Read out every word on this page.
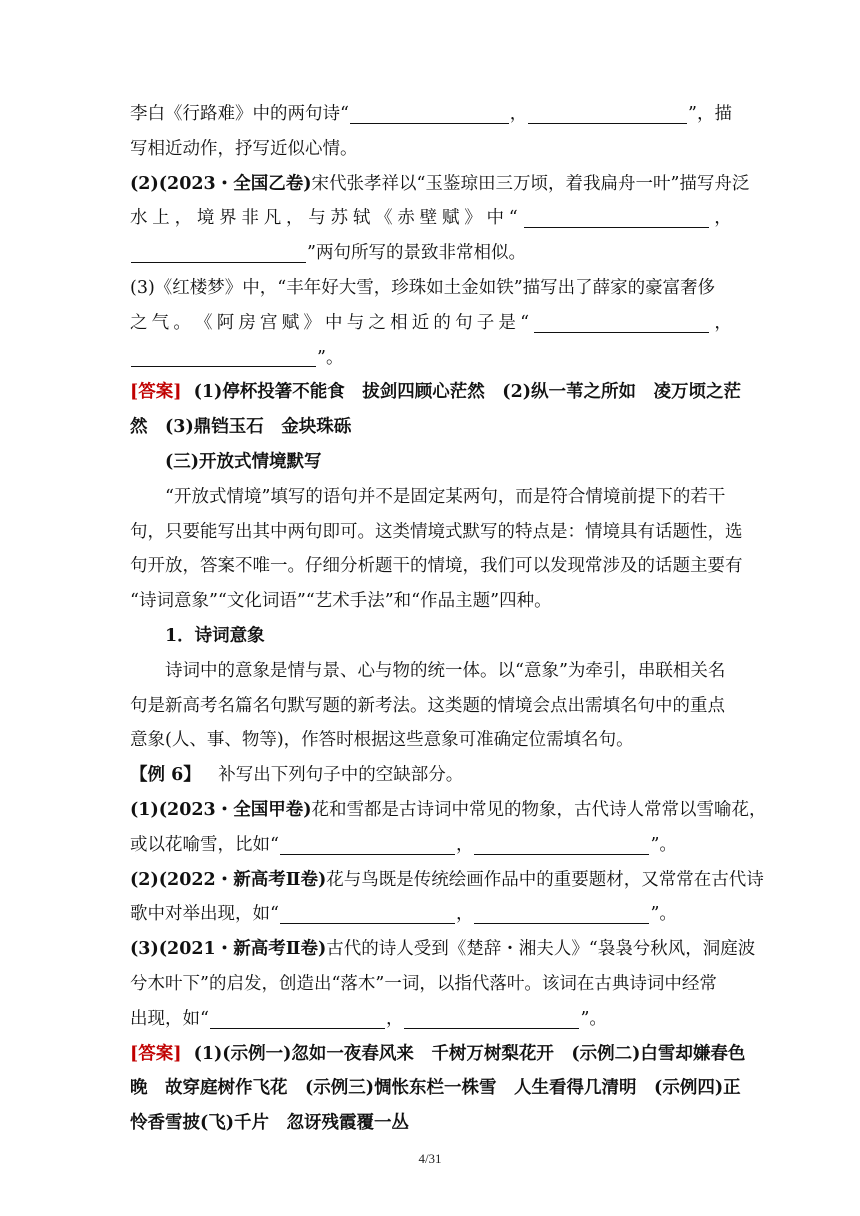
李白《行路难》中的两句诗“	，	”，描
写相近动作，抒写近似心情。
(2)(2023・全国乙卷) 宋代张孝祥以“玉鉴琼田三万顷，着我扁舟一叶”描写舟泛
水 上 ， 境 界 非 凡 ， 与 苏 轼 《 赤 壁 赋 》 中 “	，
”两句所写的景致非常相似。
(3)《红楼梦》中，“丰年好大雪，珍珠如土金如铁”描写出了薛家的豪富奢侈
之 气 。 《 阿 房 宫 赋 》 中 与 之 相 近 的 句 子 是 “	，
”。
[答案] (1)停杯投箸不能食　拔剑四顾心茫然　(2)纵一苇之所如　凌万顷之茫
然　(3)鼎铛玉石　金块珠砾
(三)开放式情境默写
“开放式情境”填写的语句并不是固定某两句，而是符合情境前提下的若干
句，只要能写出其中两句即可。这类情境式默写的特点是：情境具有话题性，选
句开放，答案不唯一。仔细分析题干的情境，我们可以发现常涉及的话题主要有
“诗词意象”“文化词语”“艺术手法”和“作品主题”四种。
1．诗词意象
诗词中的意象是情与景、心与物的统一体。以“意象”为牵引，串联相关名
句是新高考名篇名句默写题的新考法。这类题的情境会点出需填名句中的重点
意象(人、事、物等)，作答时根据这些意象可准确定位需填名句。
【例 6】 　补写出下列句子中的空缺部分。
(1)(2023・全国甲卷) 花和雪都是古诗词中常见的物象，古代诗人常常以雪喻花，
或以花喻雪，比如“	，	”。
(2)(2022・新高考Ⅱ卷) 花与鸟既是传统绘画作品中的重要题材，又常常在古代诗
歌中对举出现，如“	，	”。
(3)(2021・新高考Ⅱ卷) 古代的诗人受到《楚辞・湘夫人》“袅袅兮秋风，洞庭波
兮木叶下”的启发，创造出“落木”一词，以指代落叶。该词在古典诗词中经常
出现，如“	，	”。
[答案] (1)(示例一)忽如一夜春风来　千树万树梨花开　(示例二)白雪却嫌春色
晚　故穿庭树作飞花　(示例三)惆怅东栏一株雪　人生看得几清明　(示例四)正
怜香雪披(飞)千片　忽讶残霞覆一丛
4/31
